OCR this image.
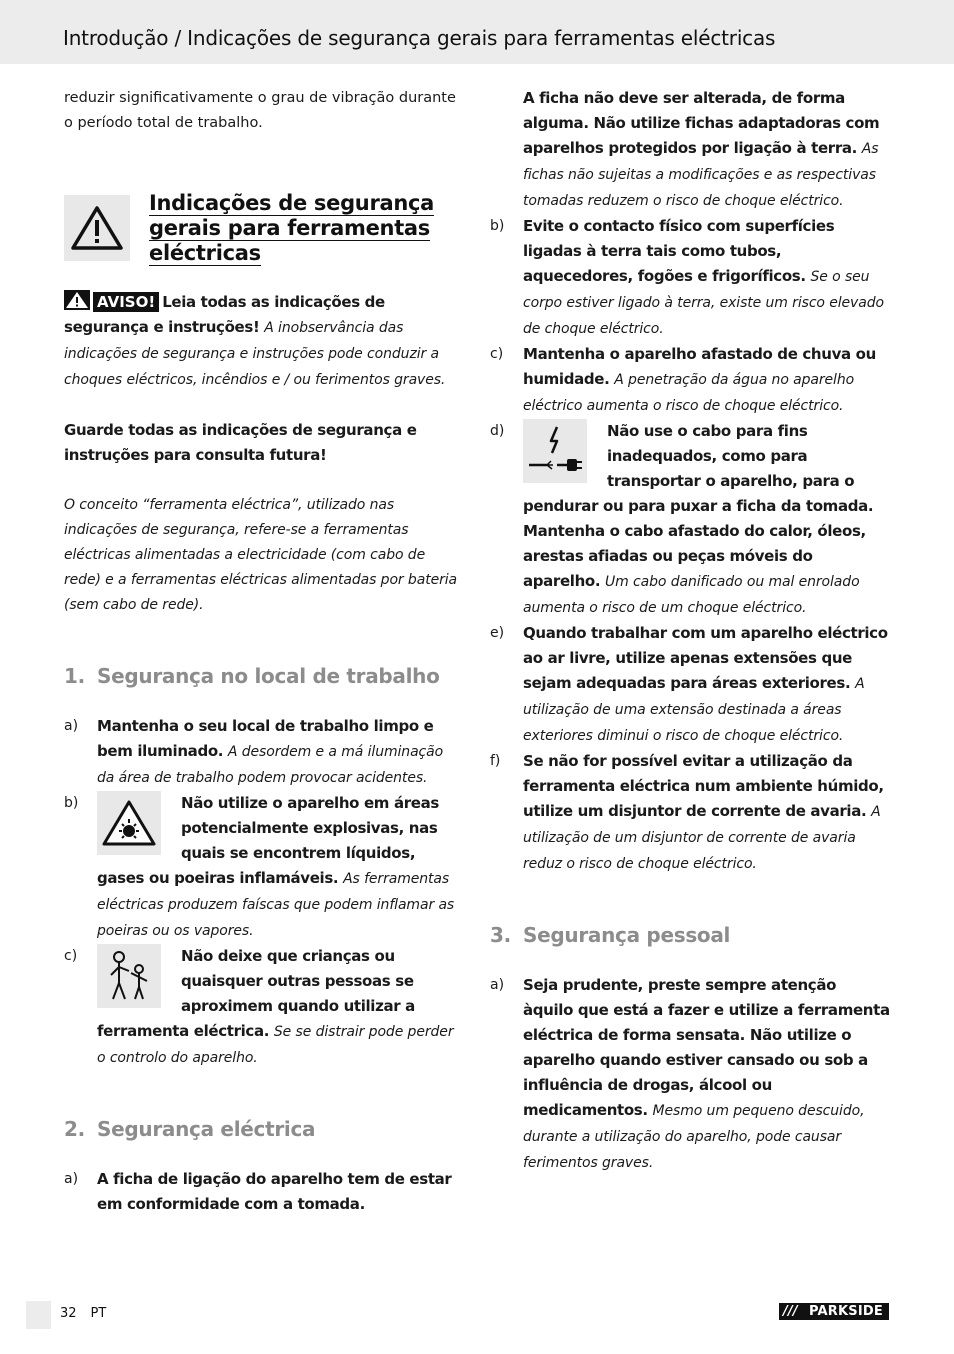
Introdução / Indicações de segurança gerais para ferramentas eléctricas

reduzir significativamente o grau de vibração durante o período total de trabalho.

Indicações de segurança gerais para ferramentas eléctricas

AVISO! Leia todas as indicações de segurança e instruções! A inobservância das indicações de segurança e instruções pode conduzir a choques eléctricos, incêndios e / ou ferimentos graves.

Guarde todas as indicações de segurança e instruções para consulta futura!

O conceito “ferramenta eléctrica”, utilizado nas indicações de segurança, refere-se a ferramentas eléctricas alimentadas a electricidade (com cabo de rede) e a ferramentas eléctricas alimentadas por bateria (sem cabo de rede).

1. Segurança no local de trabalho
a)	Mantenha o seu local de trabalho limpo e bem iluminado. A desordem e a má iluminação da área de trabalho podem provocar acidentes.
b)	Não utilize o aparelho em áreas potencialmente explosivas, nas quais se encontrem líquidos, gases ou poeiras inflamáveis. As ferramentas eléctricas produzem faíscas que podem inflamar as poeiras ou os vapores.
c)	Não deixe que crianças ou quaisquer outras pessoas se aproximem quando utilizar a ferramenta eléctrica. Se se distrair pode perder o controlo do aparelho.
2. Segurança eléctrica
a)	A ficha de ligação do aparelho tem de estar em conformidade com a tomada.
A ficha não deve ser alterada, de forma alguma. Não utilize fichas adaptadoras com aparelhos protegidos por ligação à terra. As fichas não sujeitas a modificações e as respectivas tomadas reduzem o risco de choque eléctrico.
b)	Evite o contacto físico com superfícies ligadas à terra tais como tubos, aquecedores, fogões e frigoríficos. Se o seu corpo estiver ligado à terra, existe um risco elevado de choque eléctrico.
c)	Mantenha o aparelho afastado de chuva ou humidade. A penetração da água no aparelho eléctrico aumenta o risco de choque eléctrico.
d)	Não use o cabo para fins inadequados, como para transportar o aparelho, para o pendurar ou para puxar a ficha da tomada. Mantenha o cabo afastado do calor, óleos, arestas afiadas ou peças móveis do aparelho. Um cabo danificado ou mal enrolado aumenta o risco de um choque eléctrico.
e)	Quando trabalhar com um aparelho eléctrico ao ar livre, utilize apenas extensões que sejam adequadas para áreas exteriores. A utilização de uma extensão destinada a áreas exteriores diminui o risco de choque eléctrico.
f)	Se não for possível evitar a utilização da ferramenta eléctrica num ambiente húmido, utilize um disjuntor de corrente de avaria. A utilização de um disjuntor de corrente de avaria reduz o risco de choque eléctrico.
3. Segurança pessoal
a)	Seja prudente, preste sempre atenção àquilo que está a fazer e utilize a ferramenta eléctrica de forma sensata. Não utilize o aparelho quando estiver cansado ou sob a influência de drogas, álcool ou medicamentos. Mesmo um pequeno descuido, durante a utilização do aparelho, pode causar ferimentos graves.
32 PT	/// PARKSIDE
